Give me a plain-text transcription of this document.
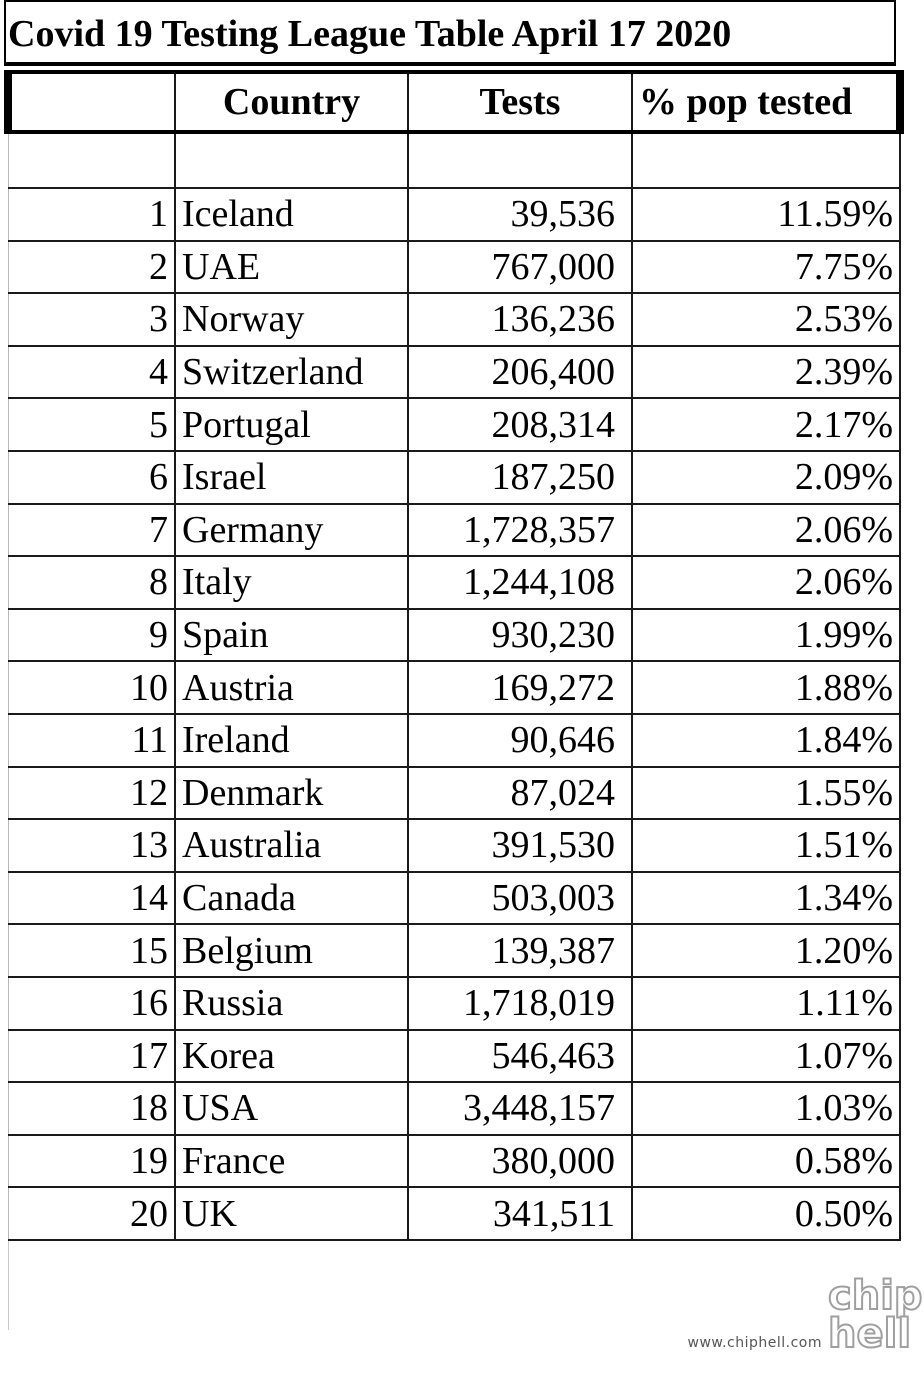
Covid 19 Testing League Table April 17 2020
	Country	Tests	% pop tested

1	Iceland	39,536	11.59%
2	UAE	767,000	7.75%
3	Norway	136,236	2.53%
4	Switzerland	206,400	2.39%
5	Portugal	208,314	2.17%
6	Israel	187,250	2.09%
7	Germany	1,728,357	2.06%
8	Italy	1,244,108	2.06%
9	Spain	930,230	1.99%
10	Austria	169,272	1.88%
11	Ireland	90,646	1.84%
12	Denmark	87,024	1.55%
13	Australia	391,530	1.51%
14	Canada	503,003	1.34%
15	Belgium	139,387	1.20%
16	Russia	1,718,019	1.11%
17	Korea	546,463	1.07%
18	USA	3,448,157	1.03%
19	France	380,000	0.58%
20	UK	341,511	0.50%
www.chiphell.com
chip hell
